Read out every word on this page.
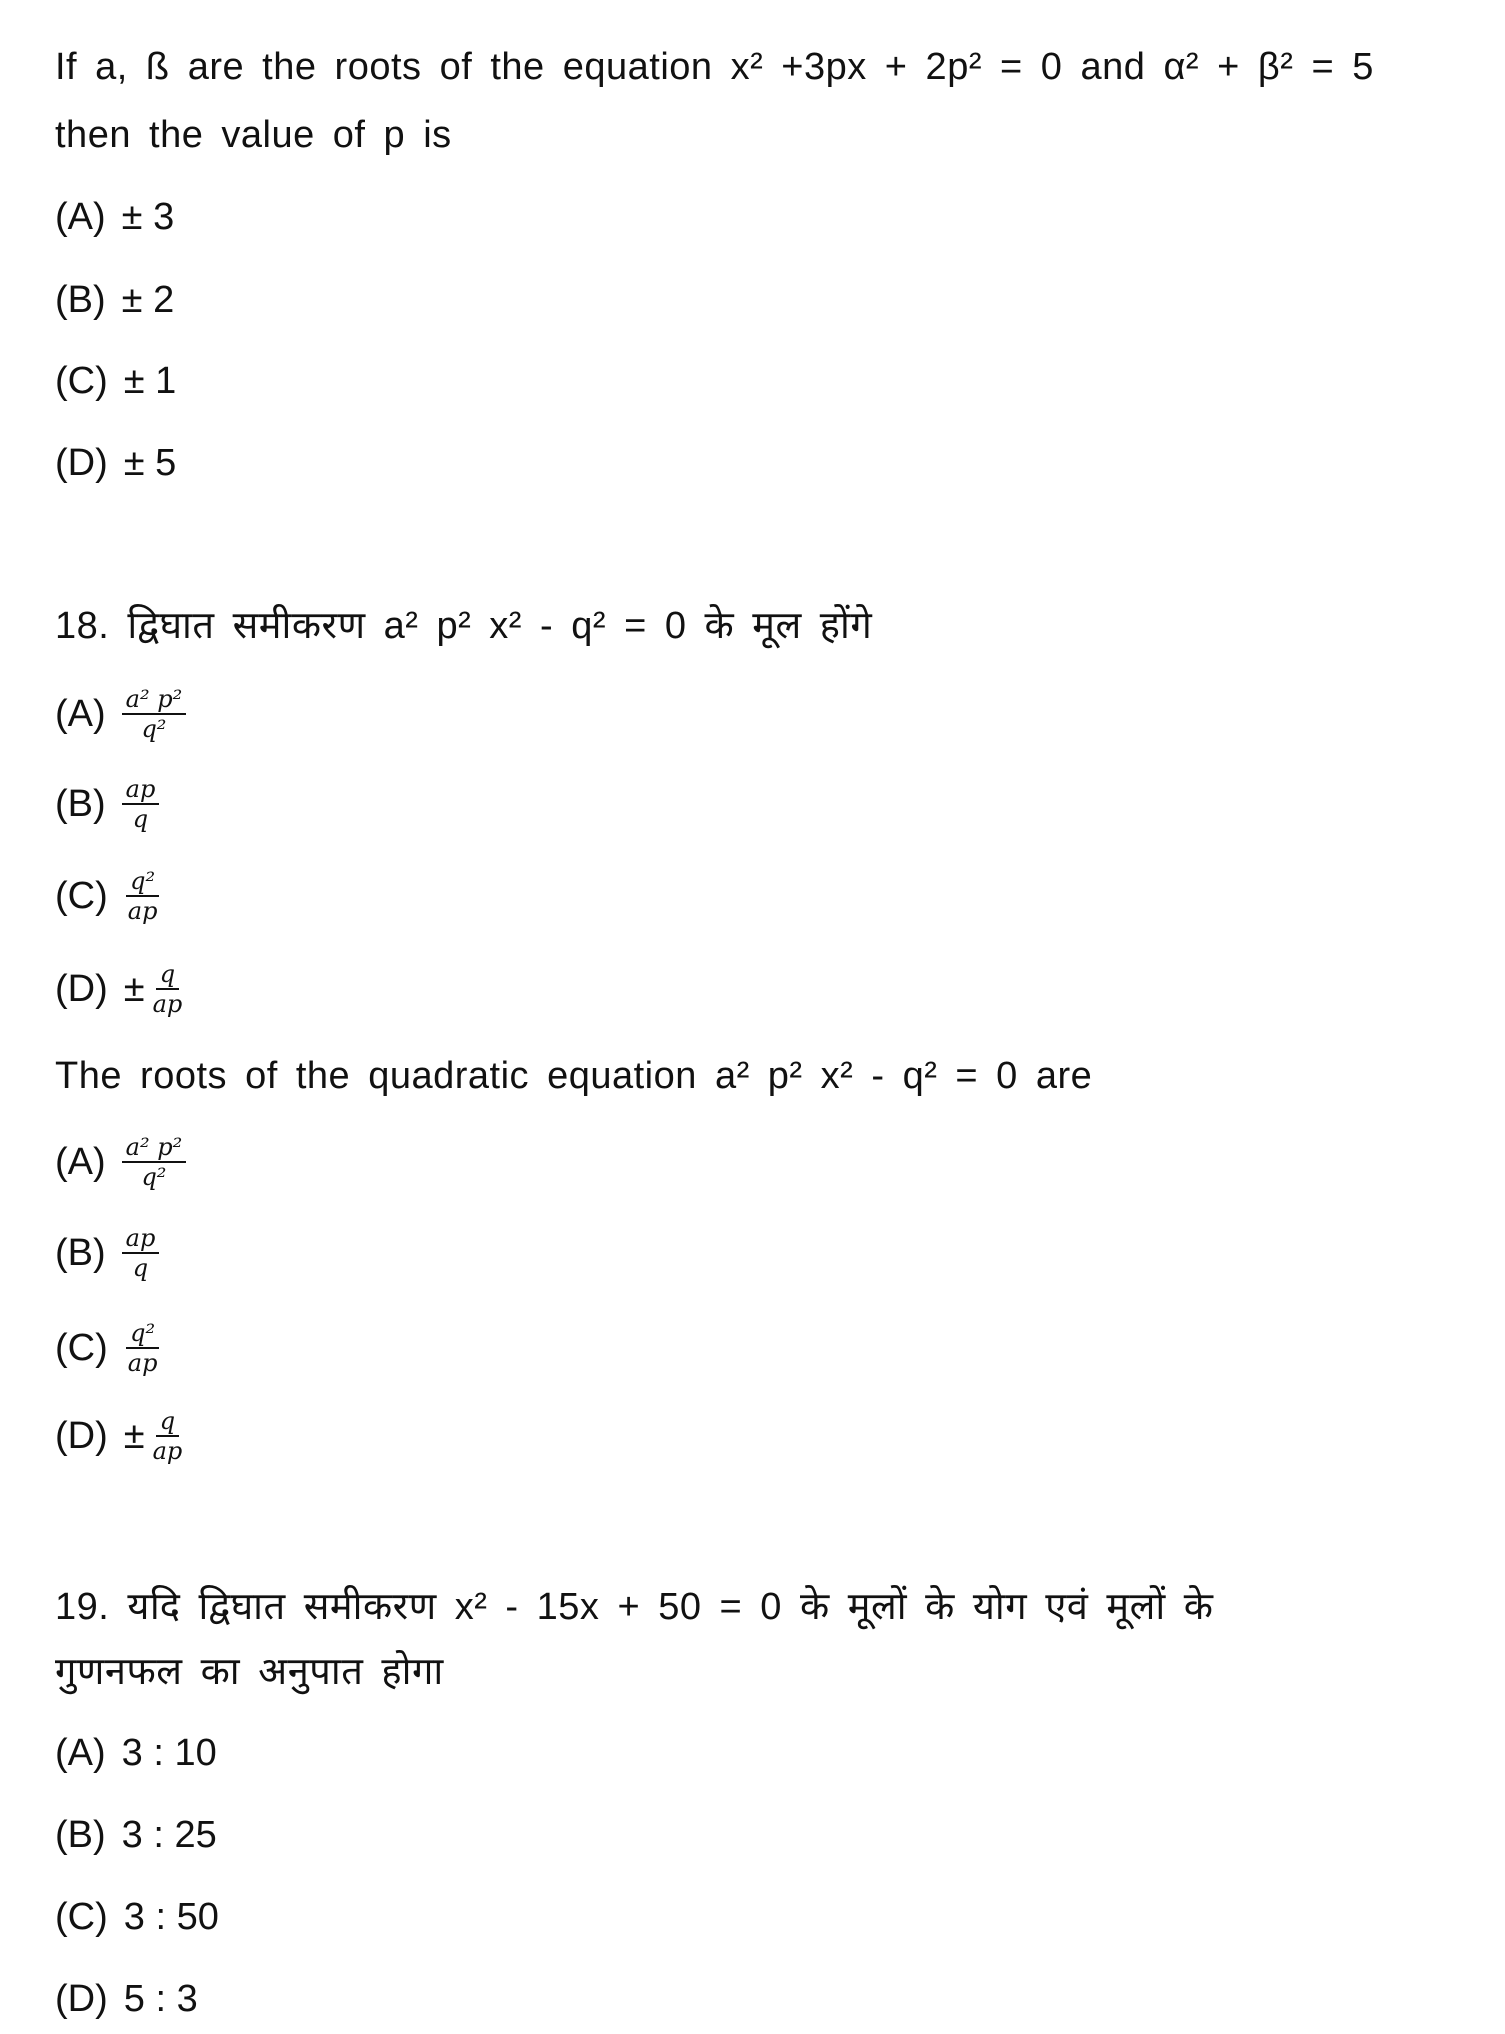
If a, ß are the roots of the equation x² +3px + 2p² = 0 and α² + β² = 5
then the value of p is
(A) ± 3
(B) ± 2
(C) ± 1
(D) ± 5
18. द्विघात समीकरण a² p² x² - q² = 0 के मूल होंगे
$(A) \frac{\text{a² p²}}{\text{q²}}$
$(B) \frac{ap}{q}$
$(C) \frac{\text{q²}}{ap}$
$(D) \pm \frac{q}{ap}$
The roots of the quadratic equation a² p² x² - q² = 0 are
$(A) \frac{\text{a² p²}}{\text{q²}}$
$(B) \frac{ap}{q}$
$(C) \frac{\text{q²}}{ap}$
$(D) \pm \frac{q}{ap}$
19. यदि द्विघात समीकरण x² - 15x + 50 = 0 के मूलों के योग एवं मूलों के
गुणनफल का अनुपात होगा
(A) 3 : 10
(B) 3 : 25
(C) 3 : 50
(D) 5 : 3
